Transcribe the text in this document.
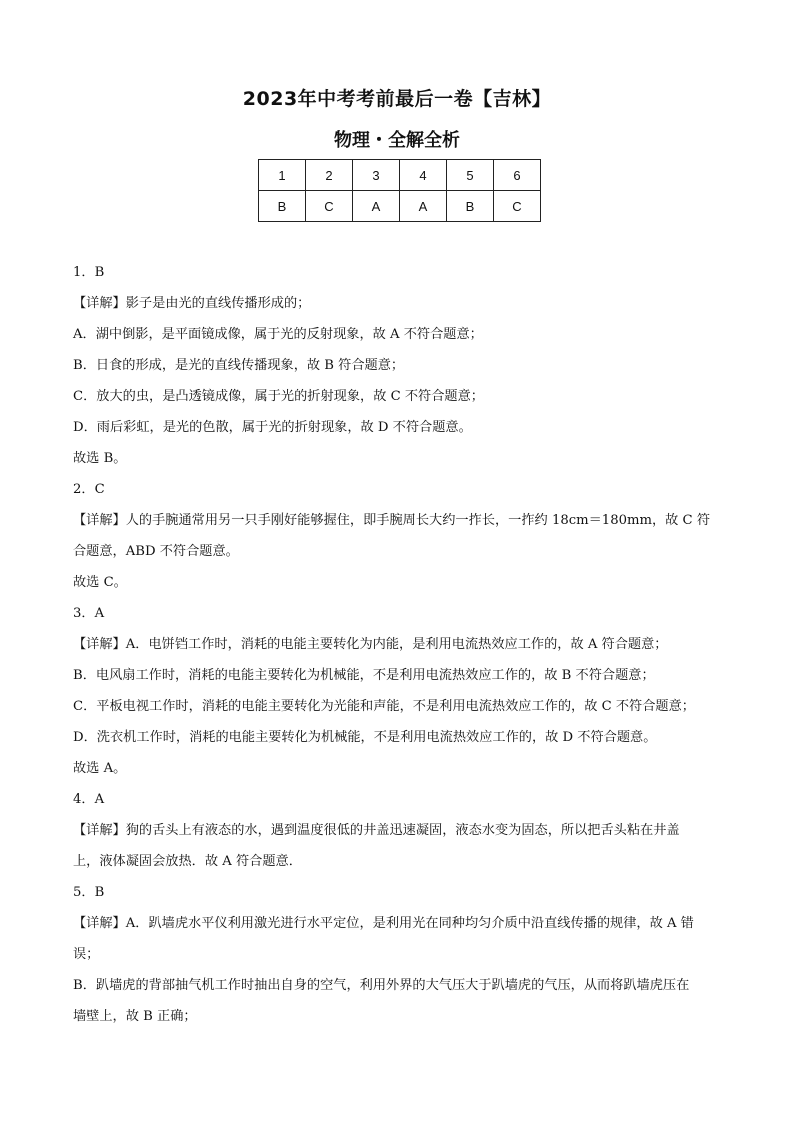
2023年中考考前最后一卷【吉林】
物理・全解全析
1	2	3	4	5	6
B	C	A	A	B	C
1．B
【详解】影子是由光的直线传播形成的；
A．湖中倒影，是平面镜成像，属于光的反射现象，故 A 不符合题意；
B．日食的形成，是光的直线传播现象，故 B 符合题意；
C．放大的虫，是凸透镜成像，属于光的折射现象，故 C 不符合题意；
D．雨后彩虹，是光的色散，属于光的折射现象，故 D 不符合题意。
故选 B。
2．C
【详解】人的手腕通常用另一只手刚好能够握住，即手腕周长大约一拃长，一拃约 18cm＝180mm，故 C 符
合题意，ABD 不符合题意。
故选 C。
3．A
【详解】A．电饼铛工作时，消耗的电能主要转化为内能，是利用电流热效应工作的，故 A 符合题意；
B．电风扇工作时，消耗的电能主要转化为机械能，不是利用电流热效应工作的，故 B 不符合题意；
C．平板电视工作时，消耗的电能主要转化为光能和声能，不是利用电流热效应工作的，故 C 不符合题意；
D．洗衣机工作时，消耗的电能主要转化为机械能，不是利用电流热效应工作的，故 D 不符合题意。
故选 A。
4．A
【详解】狗的舌头上有液态的水，遇到温度很低的井盖迅速凝固，液态水变为固态，所以把舌头粘在井盖
上，液体凝固会放热．故 A 符合题意．
5．B
【详解】A．趴墙虎水平仪利用激光进行水平定位，是利用光在同种均匀介质中沿直线传播的规律，故 A 错
误；
B．趴墙虎的背部抽气机工作时抽出自身的空气，利用外界的大气压大于趴墙虎的气压，从而将趴墙虎压在
墙壁上，故 B 正确；
